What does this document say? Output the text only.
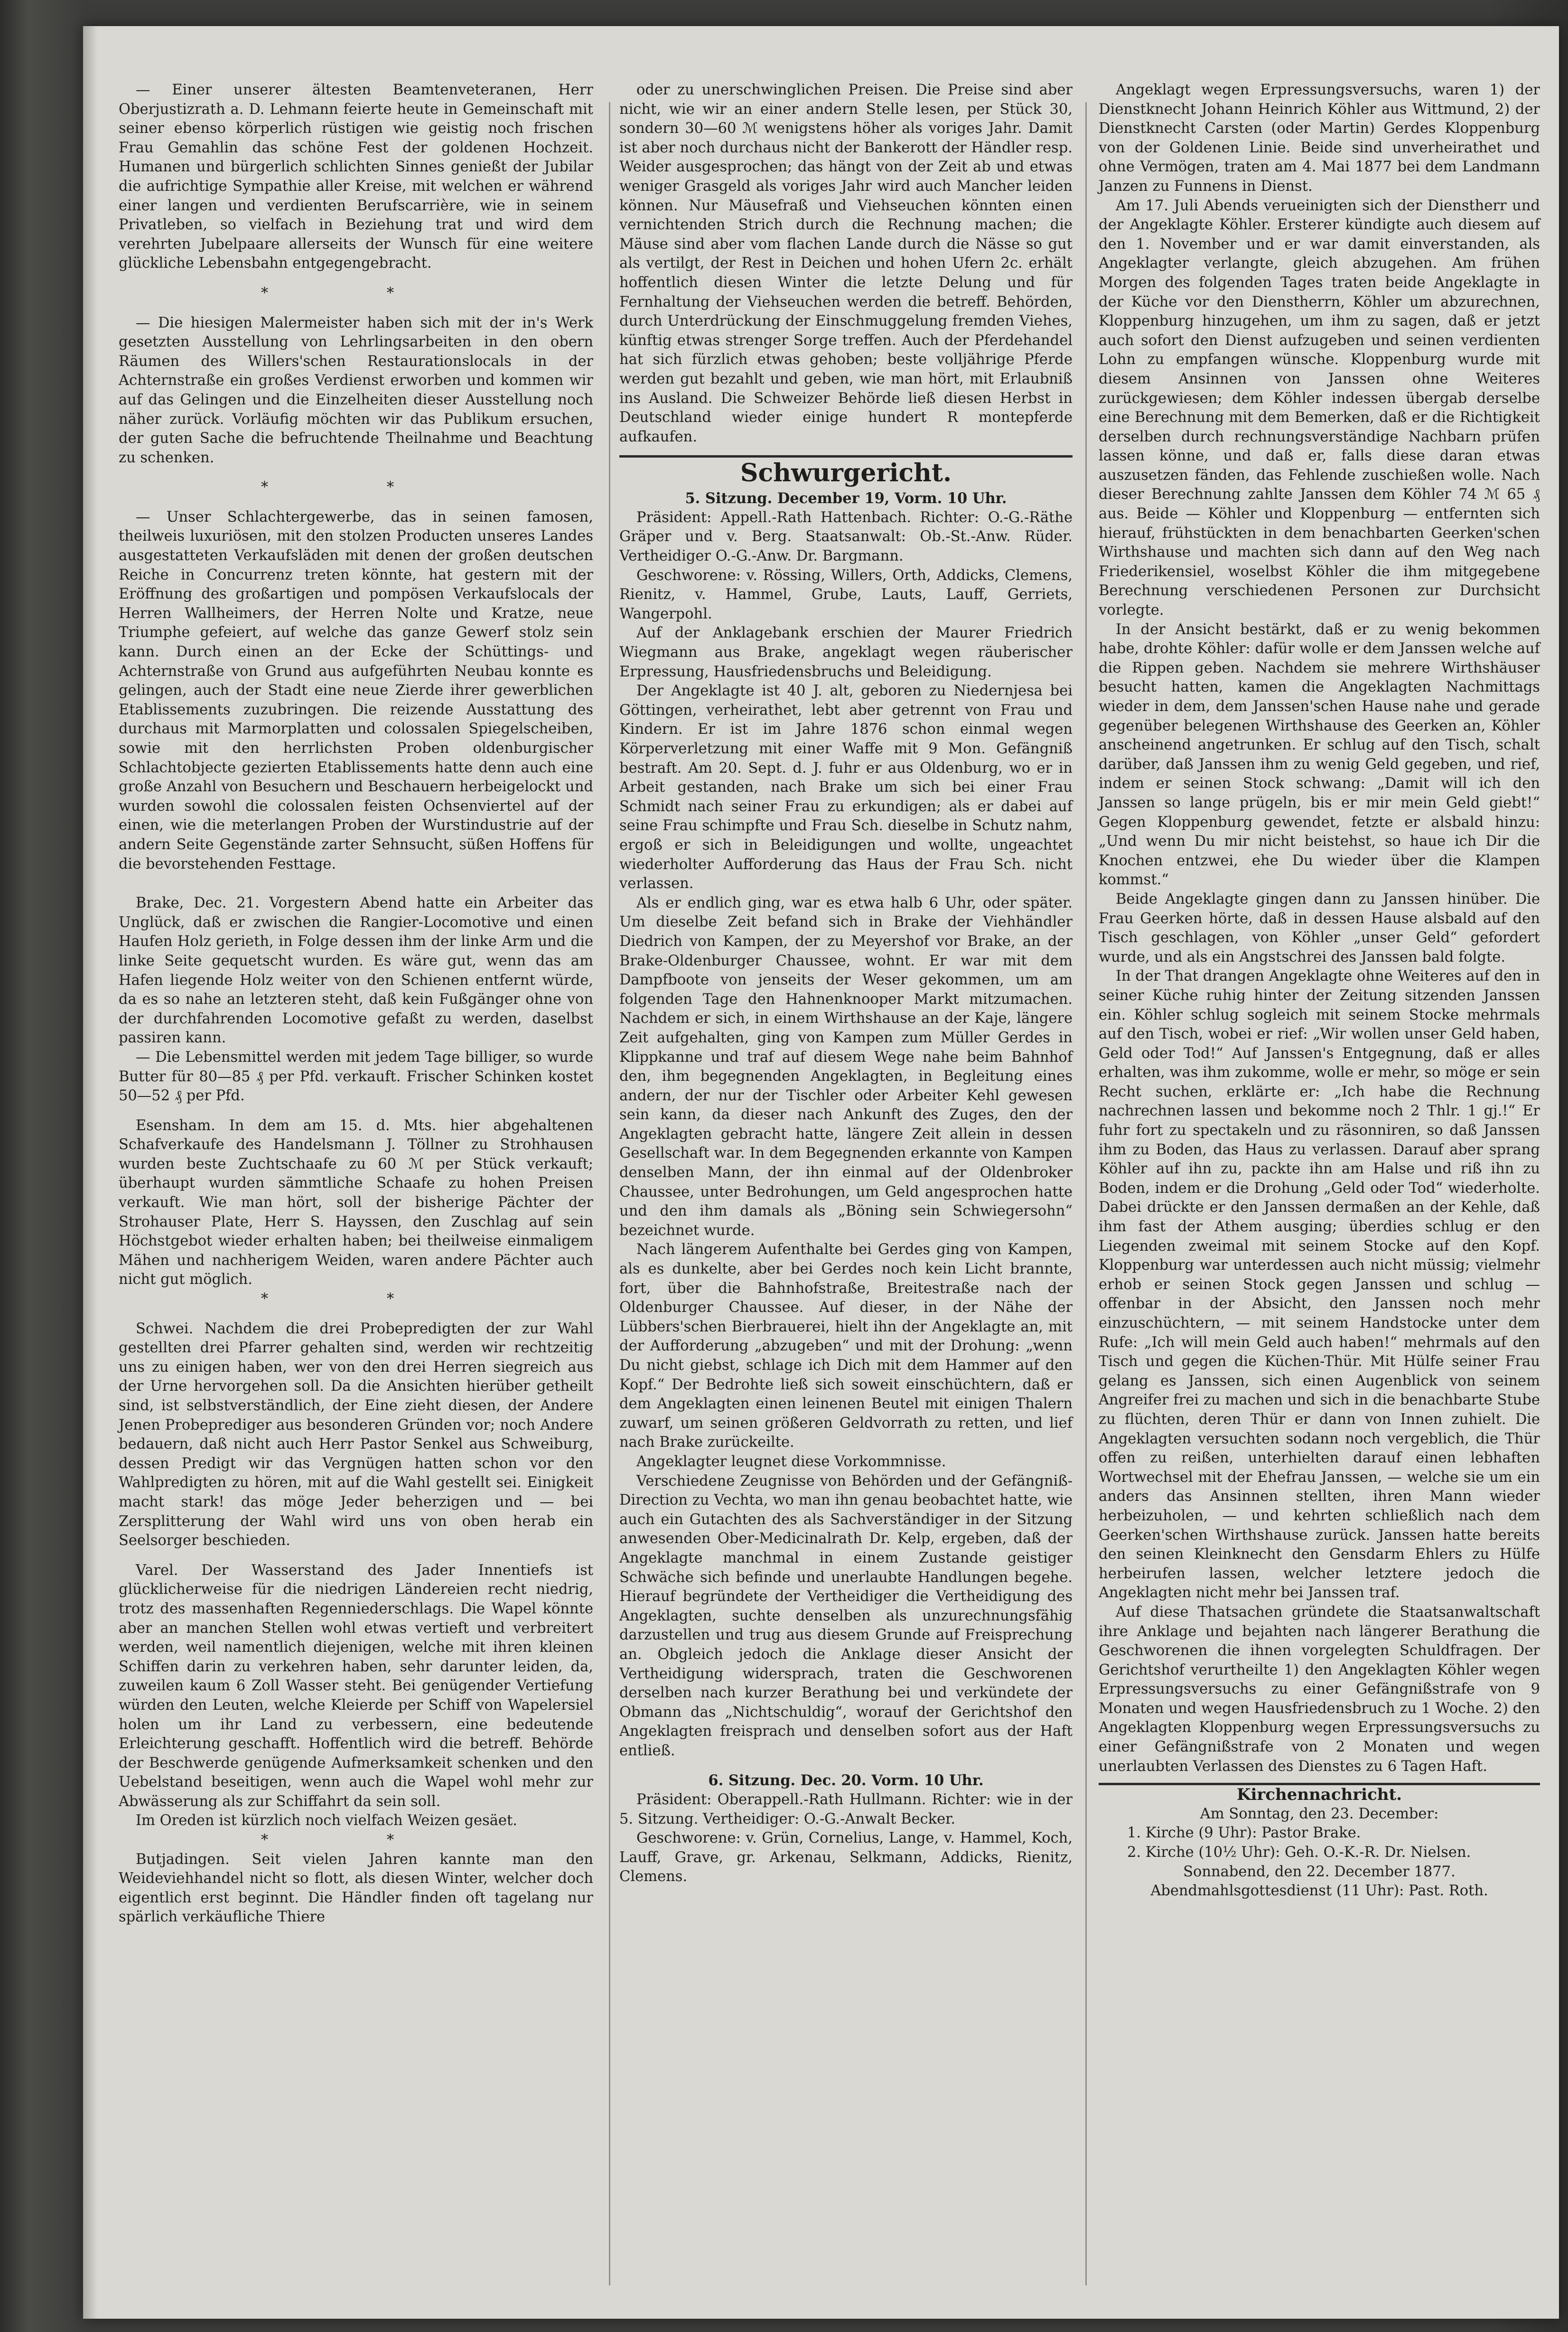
— Einer unserer ältesten Beamtenveteranen, Herr Oberjustizrath a. D. Lehmann feierte heute in Gemeinschaft mit seiner ebenso körperlich rüstigen wie geistig noch frischen Frau Gemahlin das schöne Fest der goldenen Hochzeit. Humanen und bürgerlich schlichten Sinnes genießt der Jubilar die aufrichtige Sympathie aller Kreise, mit welchen er während einer langen und verdienten Berufscarrière, wie in seinem Privatleben, so vielfach in Beziehung trat und wird dem verehrten Jubelpaare allerseits der Wunsch für eine weitere glückliche Lebensbahn entgegengebracht.

* *

— Die hiesigen Malermeister haben sich mit der in's Werk gesetzten Ausstellung von Lehrlingsarbeiten in den obern Räumen des Willers'schen Restaurationslocals in der Achternstraße ein großes Verdienst erworben und kommen wir auf das Gelingen und die Einzelheiten dieser Ausstellung noch näher zurück. Vorläufig möchten wir das Publikum ersuchen, der guten Sache die befruchtende Theilnahme und Beachtung zu schenken.

* *

— Unser Schlachtergewerbe, das in seinen famosen, theilweis luxuriösen, mit den stolzen Producten unseres Landes ausgestatteten Verkaufsläden mit denen der großen deutschen Reiche in Concurrenz treten könnte, hat gestern mit der Eröffnung des großartigen und pompösen Verkaufslocals der Herren Wallheimers, der Herren Nolte und Kratze, neue Triumphe gefeiert, auf welche das ganze Gewerf stolz sein kann. Durch einen an der Ecke der Schüttings- und Achternstraße von Grund aus aufgeführten Neubau konnte es gelingen, auch der Stadt eine neue Zierde ihrer gewerblichen Etablissements zuzubringen. Die reizende Ausstattung des durchaus mit Marmorplatten und colossalen Spiegelscheiben, sowie mit den herrlichsten Proben oldenburgischer Schlachtobjecte gezierten Etablissements hatte denn auch eine große Anzahl von Besuchern und Beschauern herbeigelockt und wurden sowohl die colossalen feisten Ochsenviertel auf der einen, wie die meterlangen Proben der Wurstindustrie auf der andern Seite Gegenstände zarter Sehnsucht, süßen Hoffens für die bevorstehenden Festtage.

Brake, Dec. 21. Vorgestern Abend hatte ein Arbeiter das Unglück, daß er zwischen die Rangier-Locomotive und einen Haufen Holz gerieth, in Folge dessen ihm der linke Arm und die linke Seite gequetscht wurden. Es wäre gut, wenn das am Hafen liegende Holz weiter von den Schienen entfernt würde, da es so nahe an letzteren steht, daß kein Fußgänger ohne von der durchfahrenden Locomotive gefaßt zu werden, daselbst passiren kann.

— Die Lebensmittel werden mit jedem Tage billiger, so wurde Butter für 80—85 ₰ per Pfd. verkauft. Frischer Schinken kostet 50—52 ₰ per Pfd.

Esensham. In dem am 15. d. Mts. hier abgehaltenen Schafverkaufe des Handelsmann J. Töllner zu Strohhausen wurden beste Zuchtschaafe zu 60 ℳ per Stück verkauft; überhaupt wurden sämmtliche Schaafe zu hohen Preisen verkauft. Wie man hört, soll der bisherige Pächter der Strohauser Plate, Herr S. Hayssen, den Zuschlag auf sein Höchstgebot wieder erhalten haben; bei theilweise einmaligem Mähen und nachherigem Weiden, waren andere Pächter auch nicht gut möglich.

* *

Schwei. Nachdem die drei Probepredigten der zur Wahl gestellten drei Pfarrer gehalten sind, werden wir rechtzeitig uns zu einigen haben, wer von den drei Herren siegreich aus der Urne hervorgehen soll. Da die Ansichten hierüber getheilt sind, ist selbstverständlich, der Eine zieht diesen, der Andere Jenen Probeprediger aus besonderen Gründen vor; noch Andere bedauern, daß nicht auch Herr Pastor Senkel aus Schweiburg, dessen Predigt wir das Vergnügen hatten schon vor den Wahlpredigten zu hören, mit auf die Wahl gestellt sei. Einigkeit macht stark! das möge Jeder beherzigen und — bei Zersplitterung der Wahl wird uns von oben herab ein Seelsorger beschieden.

Varel. Der Wasserstand des Jader Innentiefs ist glücklicherweise für die niedrigen Ländereien recht niedrig, trotz des massenhaften Regenniederschlags. Die Wapel könnte aber an manchen Stellen wohl etwas vertieft und verbreitert werden, weil namentlich diejenigen, welche mit ihren kleinen Schiffen darin zu verkehren haben, sehr darunter leiden, da, zuweilen kaum 6 Zoll Wasser steht. Bei genügender Vertiefung würden den Leuten, welche Kleierde per Schiff von Wapelersiel holen um ihr Land zu verbessern, eine bedeutende Erleichterung geschafft. Hoffentlich wird die betreff. Behörde der Beschwerde genügende Aufmerksamkeit schenken und den Uebelstand beseitigen, wenn auch die Wapel wohl mehr zur Abwässerung als zur Schiffahrt da sein soll.

Im Oreden ist kürzlich noch vielfach Weizen gesäet.

* *

Butjadingen. Seit vielen Jahren kannte man den Weideviehhandel nicht so flott, als diesen Winter, welcher doch eigentlich erst beginnt. Die Händler finden oft tagelang nur spärlich verkäufliche Thiere

oder zu unerschwinglichen Preisen. Die Preise sind aber nicht, wie wir an einer andern Stelle lesen, per Stück 30, sondern 30—60 ℳ wenigstens höher als voriges Jahr. Damit ist aber noch durchaus nicht der Bankerott der Händler resp. Weider ausgesprochen; das hängt von der Zeit ab und etwas weniger Grasgeld als voriges Jahr wird auch Mancher leiden können. Nur Mäusefraß und Viehseuchen könnten einen vernichtenden Strich durch die Rechnung machen; die Mäuse sind aber vom flachen Lande durch die Nässe so gut als vertilgt, der Rest in Deichen und hohen Ufern 2c. erhält hoffentlich diesen Winter die letzte Delung und für Fernhaltung der Viehseuchen werden die betreff. Behörden, durch Unterdrückung der Einschmuggelung fremden Viehes, künftig etwas strenger Sorge treffen. Auch der Pferdehandel hat sich fürzlich etwas gehoben; beste volljährige Pferde werden gut bezahlt und geben, wie man hört, mit Erlaubniß ins Ausland. Die Schweizer Behörde ließ diesen Herbst in Deutschland wieder einige hundert R montepferde aufkaufen.

Schwurgericht.

5. Sitzung. December 19, Vorm. 10 Uhr.

Präsident: Appell.-Rath Hattenbach. Richter: O.-G.-Räthe Gräper und v. Berg. Staatsanwalt: Ob.-St.-Anw. Rüder. Vertheidiger O.-G.-Anw. Dr. Bargmann.

Geschworene: v. Rössing, Willers, Orth, Addicks, Clemens, Rienitz, v. Hammel, Grube, Lauts, Lauff, Gerriets, Wangerpohl.

Auf der Anklagebank erschien der Maurer Friedrich Wiegmann aus Brake, angeklagt wegen räuberischer Erpressung, Hausfriedensbruchs und Beleidigung.

Der Angeklagte ist 40 J. alt, geboren zu Niedernjesa bei Göttingen, verheirathet, lebt aber getrennt von Frau und Kindern. Er ist im Jahre 1876 schon einmal wegen Körperverletzung mit einer Waffe mit 9 Mon. Gefängniß bestraft. Am 20. Sept. d. J. fuhr er aus Oldenburg, wo er in Arbeit gestanden, nach Brake um sich bei einer Frau Schmidt nach seiner Frau zu erkundigen; als er dabei auf seine Frau schimpfte und Frau Sch. dieselbe in Schutz nahm, ergoß er sich in Beleidigungen und wollte, ungeachtet wiederholter Aufforderung das Haus der Frau Sch. nicht verlassen.

Als er endlich ging, war es etwa halb 6 Uhr, oder später. Um dieselbe Zeit befand sich in Brake der Viehhändler Diedrich von Kampen, der zu Meyershof vor Brake, an der Brake-Oldenburger Chaussee, wohnt. Er war mit dem Dampfboote von jenseits der Weser gekommen, um am folgenden Tage den Hahnenknooper Markt mitzumachen. Nachdem er sich, in einem Wirthshause an der Kaje, längere Zeit aufgehalten, ging von Kampen zum Müller Gerdes in Klippkanne und traf auf diesem Wege nahe beim Bahnhof den, ihm begegnenden Angeklagten, in Begleitung eines andern, der nur der Tischler oder Arbeiter Kehl gewesen sein kann, da dieser nach Ankunft des Zuges, den der Angeklagten gebracht hatte, längere Zeit allein in dessen Gesellschaft war. In dem Begegnenden erkannte von Kampen denselben Mann, der ihn einmal auf der Oldenbroker Chaussee, unter Bedrohungen, um Geld angesprochen hatte und den ihm damals als „Böning sein Schwiegersohn“ bezeichnet wurde.

Nach längerem Aufenthalte bei Gerdes ging von Kampen, als es dunkelte, aber bei Gerdes noch kein Licht brannte, fort, über die Bahnhofstraße, Breitestraße nach der Oldenburger Chaussee. Auf dieser, in der Nähe der Lübbers'schen Bierbrauerei, hielt ihn der Angeklagte an, mit der Aufforderung „abzugeben“ und mit der Drohung: „wenn Du nicht giebst, schlage ich Dich mit dem Hammer auf den Kopf.“ Der Bedrohte ließ sich soweit einschüchtern, daß er dem Angeklagten einen leinenen Beutel mit einigen Thalern zuwarf, um seinen größeren Geldvorrath zu retten, und lief nach Brake zurückeilte.

Angeklagter leugnet diese Vorkommnisse.

Verschiedene Zeugnisse von Behörden und der Gefängniß-Direction zu Vechta, wo man ihn genau beobachtet hatte, wie auch ein Gutachten des als Sachverständiger in der Sitzung anwesenden Ober-Medicinalrath Dr. Kelp, ergeben, daß der Angeklagte manchmal in einem Zustande geistiger Schwäche sich befinde und unerlaubte Handlungen begehe. Hierauf begründete der Vertheidiger die Vertheidigung des Angeklagten, suchte denselben als unzurechnungsfähig darzustellen und trug aus diesem Grunde auf Freisprechung an. Obgleich jedoch die Anklage dieser Ansicht der Vertheidigung widersprach, traten die Geschworenen derselben nach kurzer Berathung bei und verkündete der Obmann das „Nichtschuldig“, worauf der Gerichtshof den Angeklagten freisprach und denselben sofort aus der Haft entließ.

6. Sitzung. Dec. 20. Vorm. 10 Uhr.

Präsident: Oberappell.-Rath Hullmann. Richter: wie in der 5. Sitzung. Vertheidiger: O.-G.-Anwalt Becker.

Geschworene: v. Grün, Cornelius, Lange, v. Hammel, Koch, Lauff, Grave, gr. Arkenau, Selkmann, Addicks, Rienitz, Clemens.

Angeklagt wegen Erpressungsversuchs, waren 1) der Dienstknecht Johann Heinrich Köhler aus Wittmund, 2) der Dienstknecht Carsten (oder Martin) Gerdes Kloppenburg von der Goldenen Linie. Beide sind unverheirathet und ohne Vermögen, traten am 4. Mai 1877 bei dem Landmann Janzen zu Funnens in Dienst.

Am 17. Juli Abends verueinigten sich der Dienstherr und der Angeklagte Köhler. Ersterer kündigte auch diesem auf den 1. November und er war damit einverstanden, als Angeklagter verlangte, gleich abzugehen. Am frühen Morgen des folgenden Tages traten beide Angeklagte in der Küche vor den Dienstherrn, Köhler um abzurechnen, Kloppenburg hinzugehen, um ihm zu sagen, daß er jetzt auch sofort den Dienst aufzugeben und seinen verdienten Lohn zu empfangen wünsche. Kloppenburg wurde mit diesem Ansinnen von Janssen ohne Weiteres zurückgewiesen; dem Köhler indessen übergab derselbe eine Berechnung mit dem Bemerken, daß er die Richtigkeit derselben durch rechnungsverständige Nachbarn prüfen lassen könne, und daß er, falls diese daran etwas auszusetzen fänden, das Fehlende zuschießen wolle. Nach dieser Berechnung zahlte Janssen dem Köhler 74 ℳ 65 ₰ aus. Beide — Köhler und Kloppenburg — entfernten sich hierauf, frühstückten in dem benachbarten Geerken'schen Wirthshause und machten sich dann auf den Weg nach Friederikensiel, woselbst Köhler die ihm mitgegebene Berechnung verschiedenen Personen zur Durchsicht vorlegte.

In der Ansicht bestärkt, daß er zu wenig bekommen habe, drohte Köhler: dafür wolle er dem Janssen welche auf die Rippen geben. Nachdem sie mehrere Wirthshäuser besucht hatten, kamen die Angeklagten Nachmittags wieder in dem, dem Janssen'schen Hause nahe und gerade gegenüber belegenen Wirthshause des Geerken an, Köhler anscheinend angetrunken. Er schlug auf den Tisch, schalt darüber, daß Janssen ihm zu wenig Geld gegeben, und rief, indem er seinen Stock schwang: „Damit will ich den Janssen so lange prügeln, bis er mir mein Geld giebt!“ Gegen Kloppenburg gewendet, fetzte er alsbald hinzu: „Und wenn Du mir nicht beistehst, so haue ich Dir die Knochen entzwei, ehe Du wieder über die Klampen kommst.“

Beide Angeklagte gingen dann zu Janssen hinüber. Die Frau Geerken hörte, daß in dessen Hause alsbald auf den Tisch geschlagen, von Köhler „unser Geld“ gefordert wurde, und als ein Angstschrei des Janssen bald folgte.

In der That drangen Angeklagte ohne Weiteres auf den in seiner Küche ruhig hinter der Zeitung sitzenden Janssen ein. Köhler schlug sogleich mit seinem Stocke mehrmals auf den Tisch, wobei er rief: „Wir wollen unser Geld haben, Geld oder Tod!“ Auf Janssen's Entgegnung, daß er alles erhalten, was ihm zukomme, wolle er mehr, so möge er sein Recht suchen, erklärte er: „Ich habe die Rechnung nachrechnen lassen und bekomme noch 2 Thlr. 1 gj.!“ Er fuhr fort zu spectakeln und zu räsonniren, so daß Janssen ihm zu Boden, das Haus zu verlassen. Darauf aber sprang Köhler auf ihn zu, packte ihn am Halse und riß ihn zu Boden, indem er die Drohung „Geld oder Tod“ wiederholte. Dabei drückte er den Janssen dermaßen an der Kehle, daß ihm fast der Athem ausging; überdies schlug er den Liegenden zweimal mit seinem Stocke auf den Kopf. Kloppenburg war unterdessen auch nicht müssig; vielmehr erhob er seinen Stock gegen Janssen und schlug — offenbar in der Absicht, den Janssen noch mehr einzuschüchtern, — mit seinem Handstocke unter dem Rufe: „Ich will mein Geld auch haben!“ mehrmals auf den Tisch und gegen die Küchen-Thür. Mit Hülfe seiner Frau gelang es Janssen, sich einen Augenblick von seinem Angreifer frei zu machen und sich in die benachbarte Stube zu flüchten, deren Thür er dann von Innen zuhielt. Die Angeklagten versuchten sodann noch vergeblich, die Thür offen zu reißen, unterhielten darauf einen lebhaften Wortwechsel mit der Ehefrau Janssen, — welche sie um ein anders das Ansinnen stellten, ihren Mann wieder herbeizuholen, — und kehrten schließlich nach dem Geerken'schen Wirthshause zurück. Janssen hatte bereits den seinen Kleinknecht den Gensdarm Ehlers zu Hülfe herbeirufen lassen, welcher letztere jedoch die Angeklagten nicht mehr bei Janssen traf.

Auf diese Thatsachen gründete die Staatsanwaltschaft ihre Anklage und bejahten nach längerer Berathung die Geschworenen die ihnen vorgelegten Schuldfragen. Der Gerichtshof verurtheilte 1) den Angeklagten Köhler wegen Erpressungsversuchs zu einer Gefängnißstrafe von 9 Monaten und wegen Hausfriedensbruch zu 1 Woche. 2) den Angeklagten Kloppenburg wegen Erpressungsversuchs zu einer Gefängnißstrafe von 2 Monaten und wegen unerlaubten Verlassen des Dienstes zu 6 Tagen Haft.

Kirchennachricht.

Am Sonntag, den 23. December:

1. Kirche (9 Uhr): Pastor Brake.

2. Kirche (10½ Uhr): Geh. O.-K.-R. Dr. Nielsen.

Sonnabend, den 22. December 1877.

Abendmahlsgottesdienst (11 Uhr): Past. Roth.
